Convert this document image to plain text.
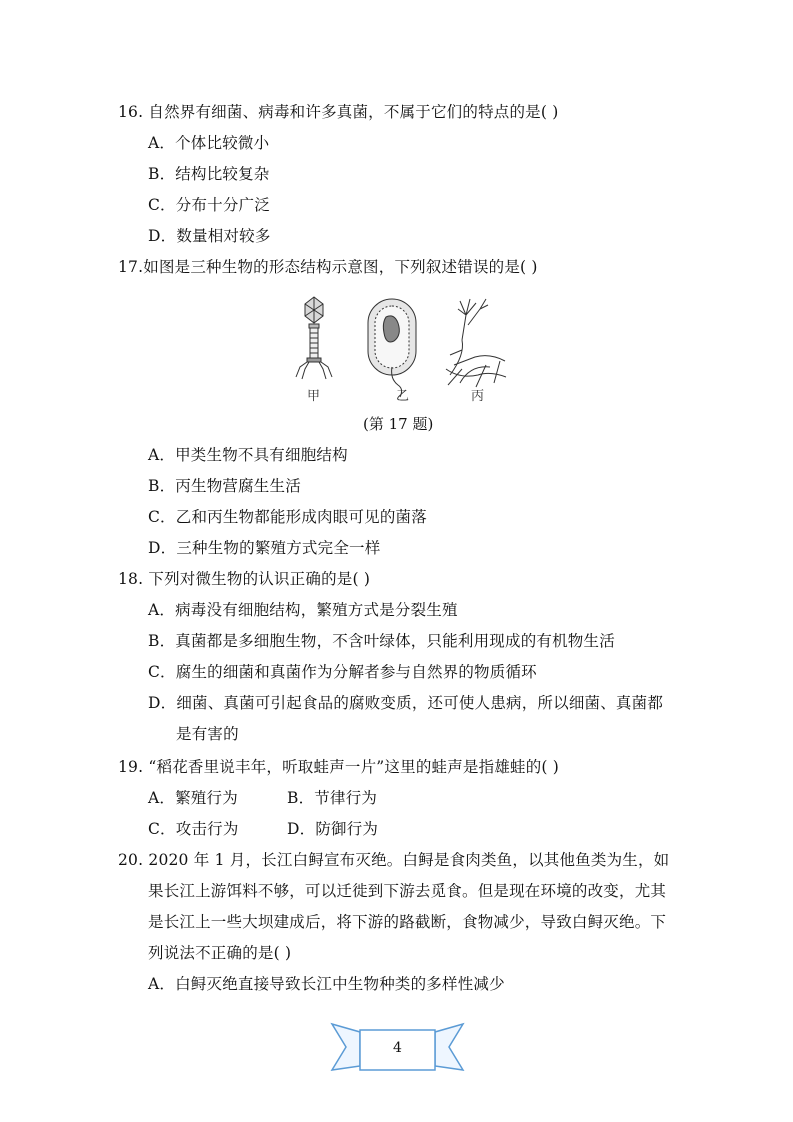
16. 自然界有细菌、病毒和许多真菌，不属于它们的特点的是( )
A．个体比较微小
B．结构比较复杂
C．分布十分广泛
D．数量相对较多
17.如图是三种生物的形态结构示意图，下列叙述错误的是( )
甲	乙	丙
(第 17 题)
A．甲类生物不具有细胞结构
B．丙生物营腐生生活
C．乙和丙生物都能形成肉眼可见的菌落
D．三种生物的繁殖方式完全一样
18. 下列对微生物的认识正确的是( )
A．病毒没有细胞结构，繁殖方式是分裂生殖
B．真菌都是多细胞生物，不含叶绿体，只能利用现成的有机物生活
C．腐生的细菌和真菌作为分解者参与自然界的物质循环
D．细菌、真菌可引起食品的腐败变质，还可使人患病，所以细菌、真菌都
是有害的
19. “稻花香里说丰年，听取蛙声一片”这里的蛙声是指雄蛙的( )
A．繁殖行为	B．节律行为
C．攻击行为	D．防御行为
20. 2020 年 1 月，长江白鲟宣布灭绝。白鲟是食肉类鱼，以其他鱼类为生，如
果长江上游饵料不够，可以迁徙到下游去觅食。但是现在环境的改变，尤其
是长江上一些大坝建成后，将下游的路截断，食物减少，导致白鲟灭绝。下
列说法不正确的是( )
A．白鲟灭绝直接导致长江中生物种类的多样性减少
4
